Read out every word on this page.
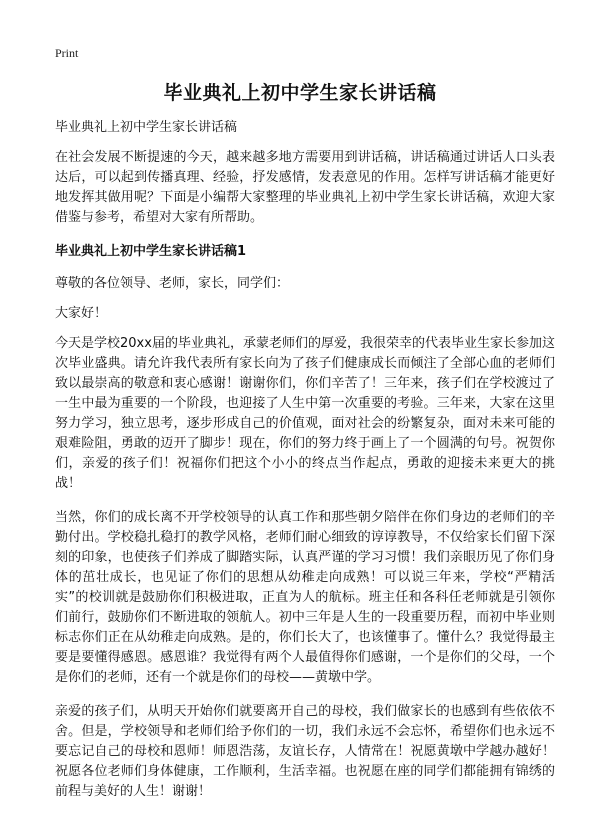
Print
毕业典礼上初中学生家长讲话稿

毕业典礼上初中学生家长讲话稿

在社会发展不断提速的今天，越来越多地方需要用到讲话稿，讲话稿通过讲话人口头表达后，可以起到传播真理、经验，抒发感情，发表意见的作用。怎样写讲话稿才能更好地发挥其做用呢？下面是小编帮大家整理的毕业典礼上初中学生家长讲话稿，欢迎大家借鉴与参考，希望对大家有所帮助。

毕业典礼上初中学生家长讲话稿1

尊敬的各位领导、老师，家长，同学们：

大家好！

今天是学校20xx届的毕业典礼，承蒙老师们的厚爱，我很荣幸的代表毕业生家长参加这次毕业盛典。请允许我代表所有家长向为了孩子们健康成长而倾注了全部心血的老师们致以最崇高的敬意和衷心感谢！谢谢你们，你们辛苦了！三年来，孩子们在学校渡过了一生中最为重要的一个阶段，也迎接了人生中第一次重要的考验。三年来，大家在这里努力学习，独立思考，逐步形成自己的价值观，面对社会的纷繁复杂，面对未来可能的艰难险阻，勇敢的迈开了脚步！现在，你们的努力终于画上了一个圆满的句号。祝贺你们，亲爱的孩子们！祝福你们把这个小小的终点当作起点，勇敢的迎接未来更大的挑战！

当然，你们的成长离不开学校领导的认真工作和那些朝夕陪伴在你们身边的老师们的辛勤付出。学校稳扎稳打的教学风格，老师们耐心细致的谆谆教导，不仅给家长们留下深刻的印象，也使孩子们养成了脚踏实际，认真严谨的学习习惯！我们亲眼历见了你们身体的茁壮成长，也见证了你们的思想从幼稚走向成熟！可以说三年来，学校“严精活实”的校训就是鼓励你们积极进取，正直为人的航标。班主任和各科任老师就是引领你们前行，鼓励你们不断进取的领航人。初中三年是人生的一段重要历程，而初中毕业则标志你们正在从幼稚走向成熟。是的，你们长大了，也该懂事了。懂什么？我觉得最主要是要懂得感恩。感恩谁？我觉得有两个人最值得你们感谢，一个是你们的父母，一个是你们的老师，还有一个就是你们的母校——黄墩中学。

亲爱的孩子们，从明天开始你们就要离开自己的母校，我们做家长的也感到有些依依不舍。但是，学校领导和老师们给予你们的一切，我们永远不会忘怀，希望你们也永远不要忘记自己的母校和恩师！师恩浩荡，友谊长存，人情常在！祝愿黄墩中学越办越好！祝愿各位老师们身体健康，工作顺利，生活幸福。也祝愿在座的同学们都能拥有锦绣的前程与美好的人生！谢谢！
